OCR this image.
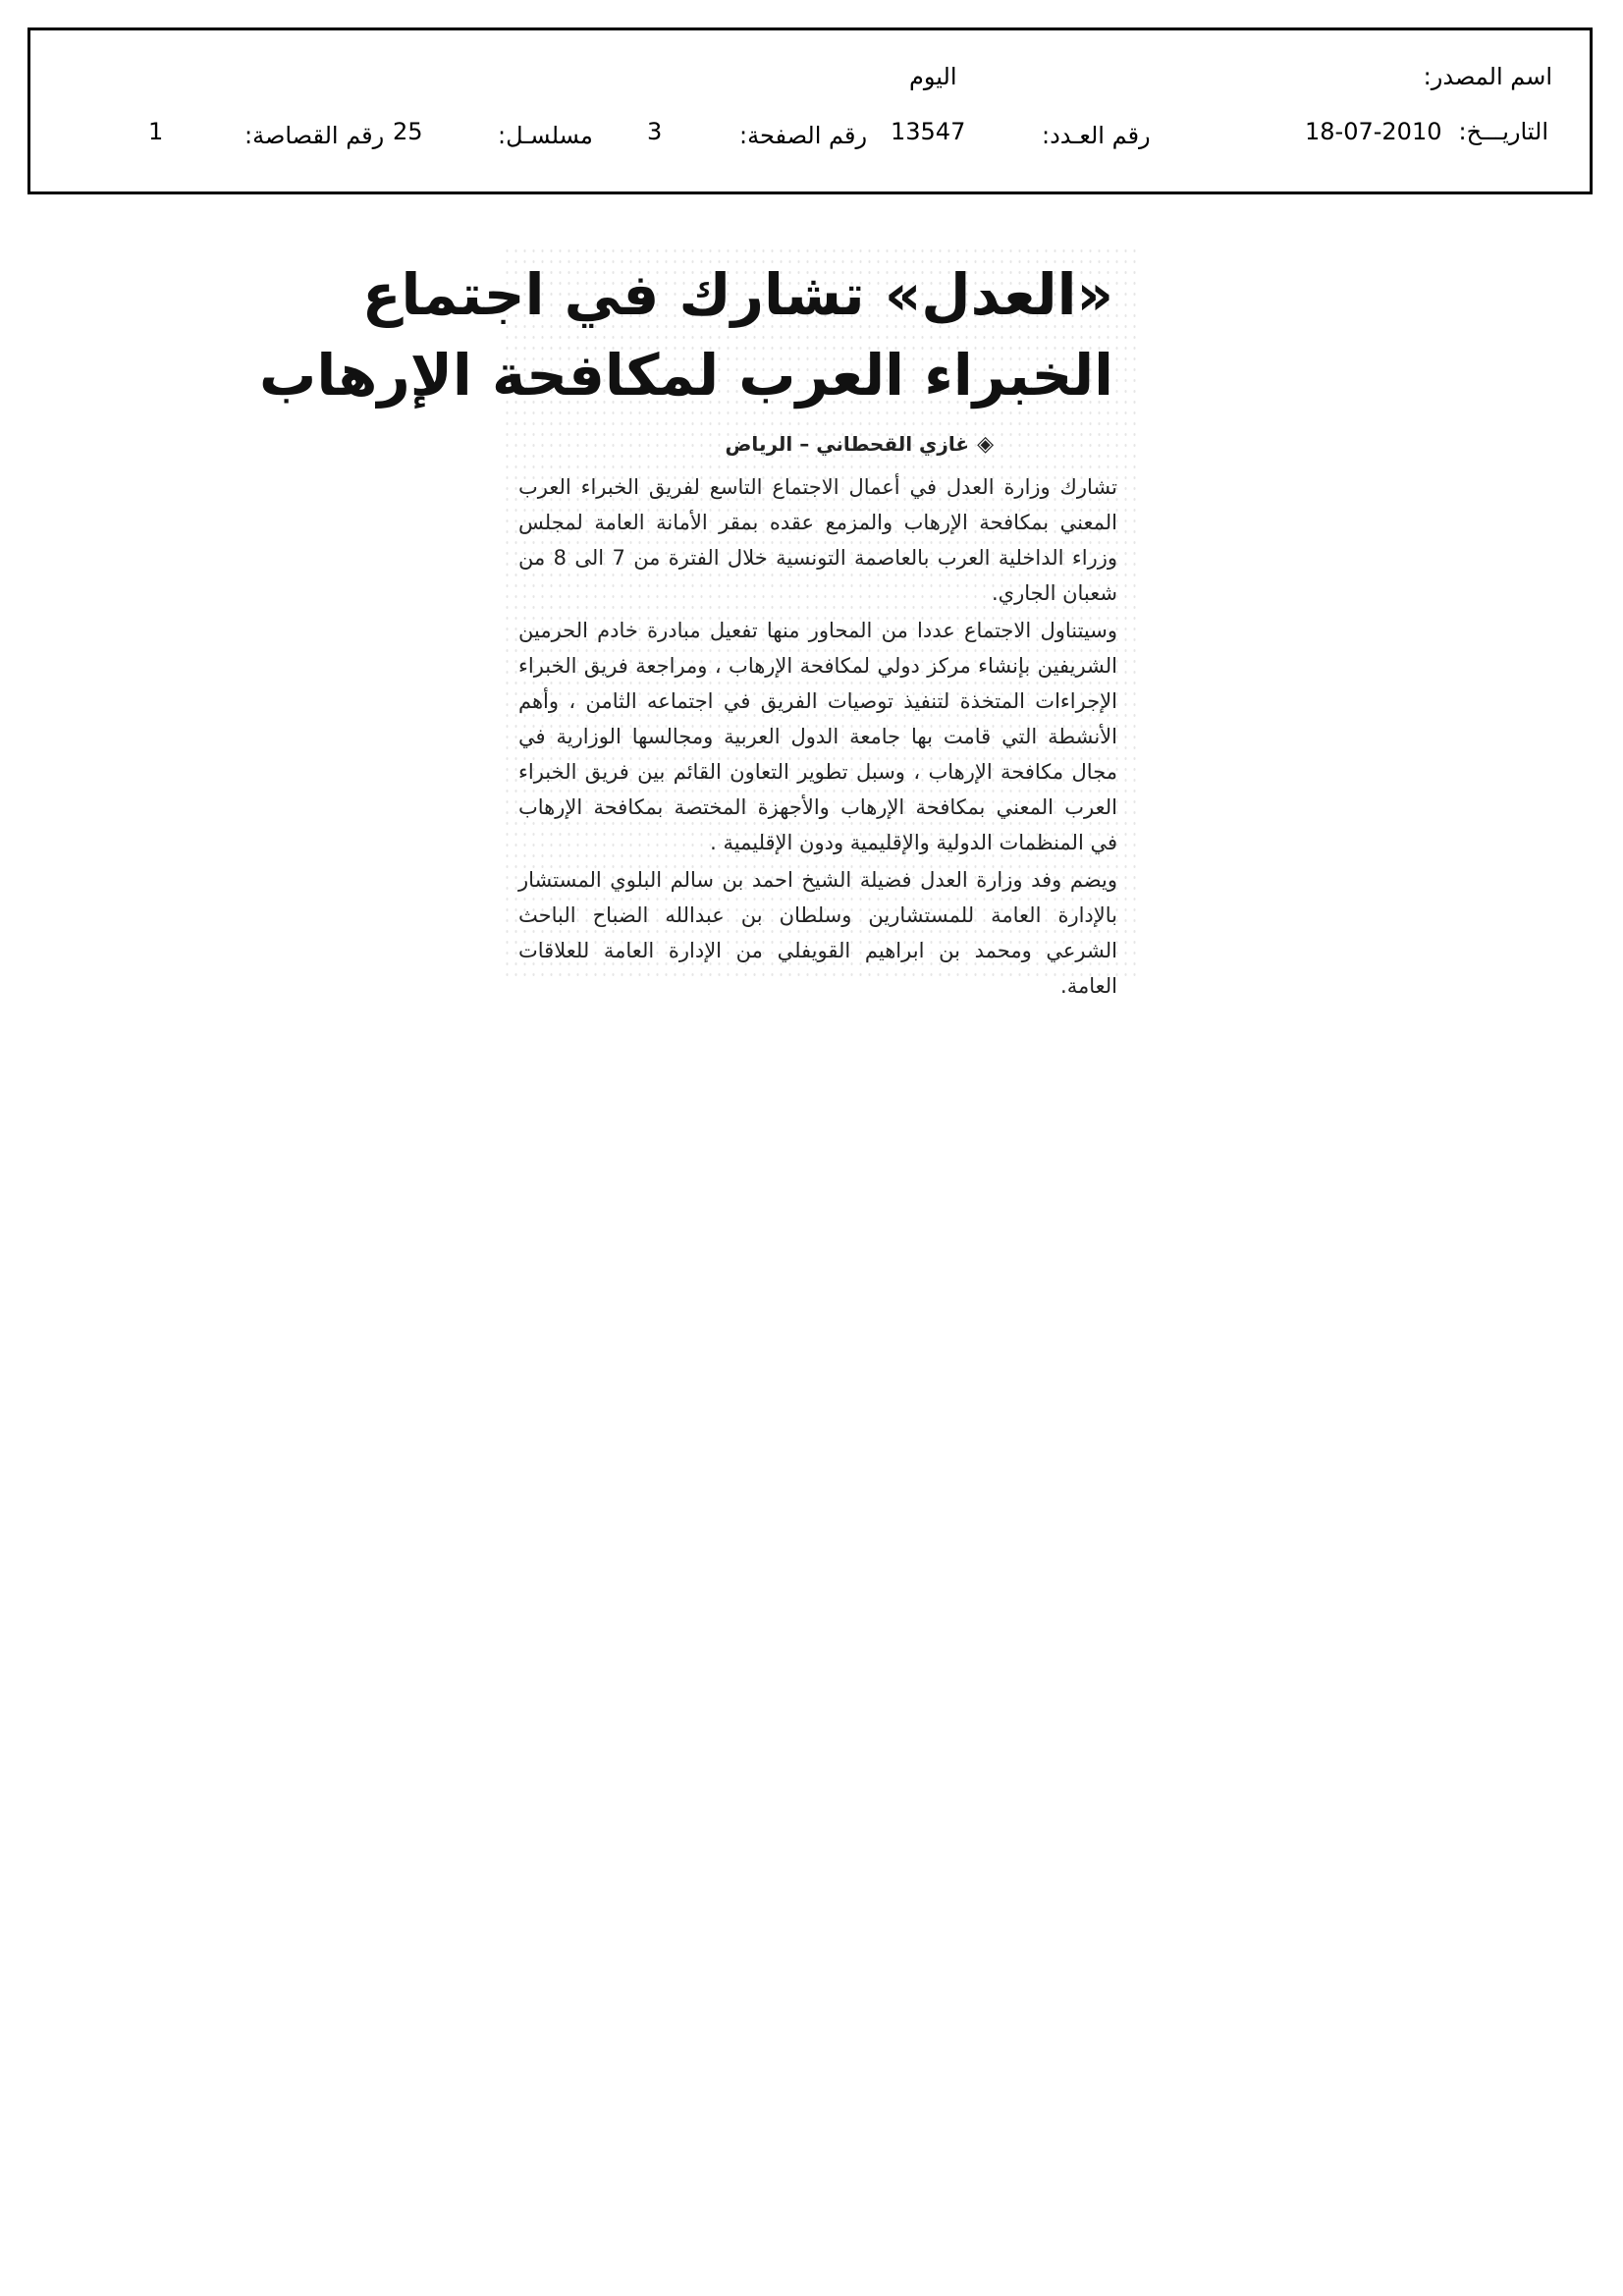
اسم المصدر:
اليوم
التاريـــخ:
18-07-2010
رقم العـدد:
13547
رقم الصفحة:
3
مسلسـل:
25
رقم القصاصة:
1
«العدل» تشارك في اجتماع
الخبراء العرب لمكافحة الإرهاب
◈غازي القحطاني – الرياض
تشارك وزارة العدل في أعمال الاجتماع التاسع لفريق الخبراء العرب المعني بمكافحة الإرهاب والمزمع عقده بمقر الأمانة العامة لمجلس وزراء الداخلية العرب بالعاصمة التونسية خلال الفترة من 7 الى 8 من شعبان الجاري.
وسيتناول الاجتماع عددا من المحاور منها تفعيل مبادرة خادم الحرمين الشريفين بإنشاء مركز دولي لمكافحة الإرهاب ، ومراجعة فريق الخبراء الإجراءات المتخذة لتنفيذ توصيات الفريق في اجتماعه الثامن ، وأهم الأنشطة التي قامت بها جامعة الدول العربية ومجالسها الوزارية في مجال مكافحة الإرهاب ، وسبل تطوير التعاون القائم بين فريق الخبراء العرب المعني بمكافحة الإرهاب والأجهزة المختصة بمكافحة الإرهاب في المنظمات الدولية والإقليمية ودون الإقليمية .
ويضم وفد وزارة العدل فضيلة الشيخ احمد بن سالم البلوي المستشار بالإدارة العامة للمستشارين وسلطان بن عبدالله الضباح الباحث الشرعي ومحمد بن ابراهيم القويفلي من الإدارة العامة للعلاقات العامة.
